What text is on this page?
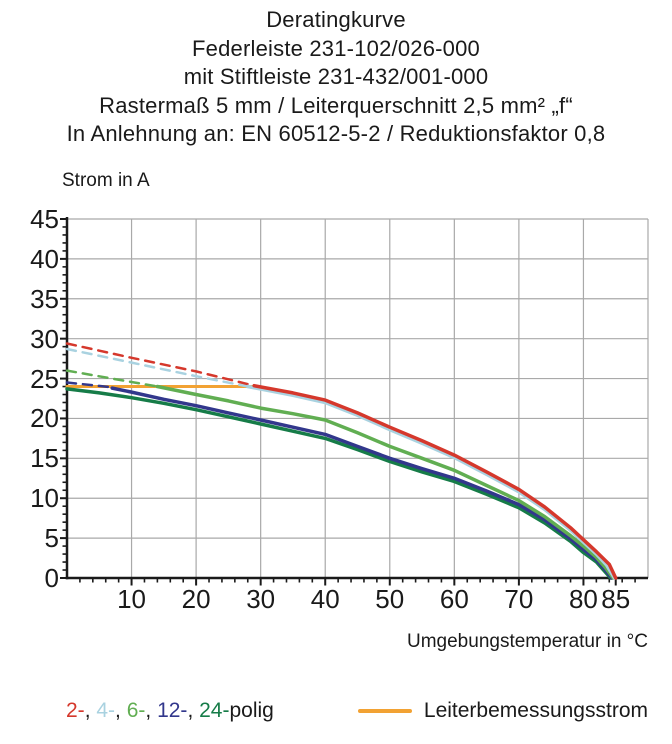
Deratingkurve
Federleiste 231-102/026-000
mit Stiftleiste 231-432/001-000
Rastermaß 5 mm / Leiterquerschnitt 2,5 mm² „f“
In Anlehnung an: EN 60512-5-2 / Reduktionsfaktor 0,8
Strom in A
0
5
10
15
20
25
30
35
40
45
10	20	30	40	50	60	70	80 85
Umgebungstemperatur in °C
2-, 4-, 6-, 12-, 24-polig	Leiterbemessungsstrom
